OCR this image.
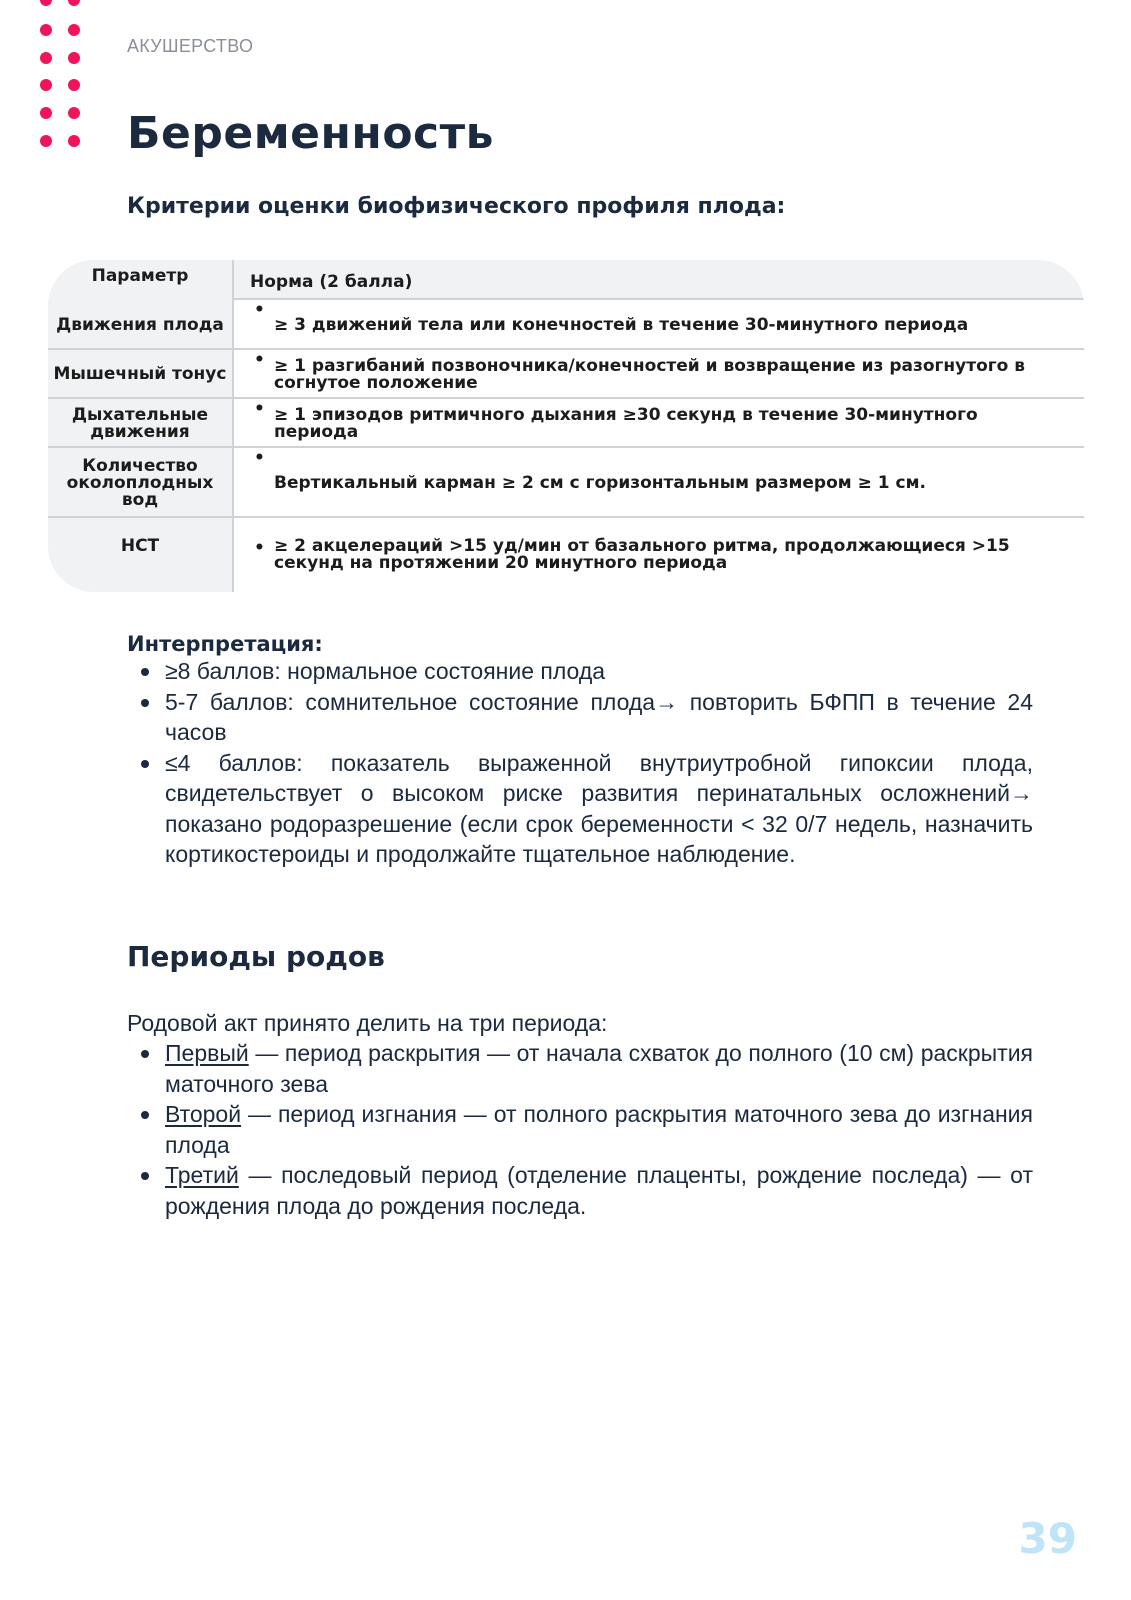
АКУШЕРСТВО
Беременность
Критерии оценки биофизического профиля плода:
Параметр	Норма (2 балла)
Движения плода
•
≥ 3 движений тела или конечностей в течение 30-минутного периода
Мышечный тонус
• ≥ 1 разгибаний позвоночника/конечностей и возвращение из разогнутого в согнутое положение
Дыхательные движения
• ≥ 1 эпизодов ритмичного дыхания ≥30 секунд в течение 30-минутного периода
Количество околоплодных вод
•
Вертикальный карман ≥ 2 см с горизонтальным размером ≥ 1 см.
НСТ	• ≥ 2 акцелераций >15 уд/мин от базального ритма, продолжающиеся >15 секунд на протяжении 20 минутного периода
Интерпретация:
≥8 баллов: нормальное состояние плода
5-7 баллов: сомнительное состояние плода→ повторить БФПП в течение 24 часов
≤4 баллов: показатель выраженной внутриутробной гипоксии плода, свидетельствует о высоком риске развития перинатальных осложнений→ показано родоразрешение (если срок беременности < 32 0/7 недель, назначить кортикостероиды и продолжайте тщательное наблюдение.
Периоды родов

Родовой акт принято делить на три периода:

Первый — период раскрытия — от начала схваток до полного (10 см) раскрытия маточного зева
Второй — период изгнания — от полного раскрытия маточного зева до изгнания плода
Третий — последовый период (отделение плаценты, рождение последа) — от рождения плода до рождения последа.
39
